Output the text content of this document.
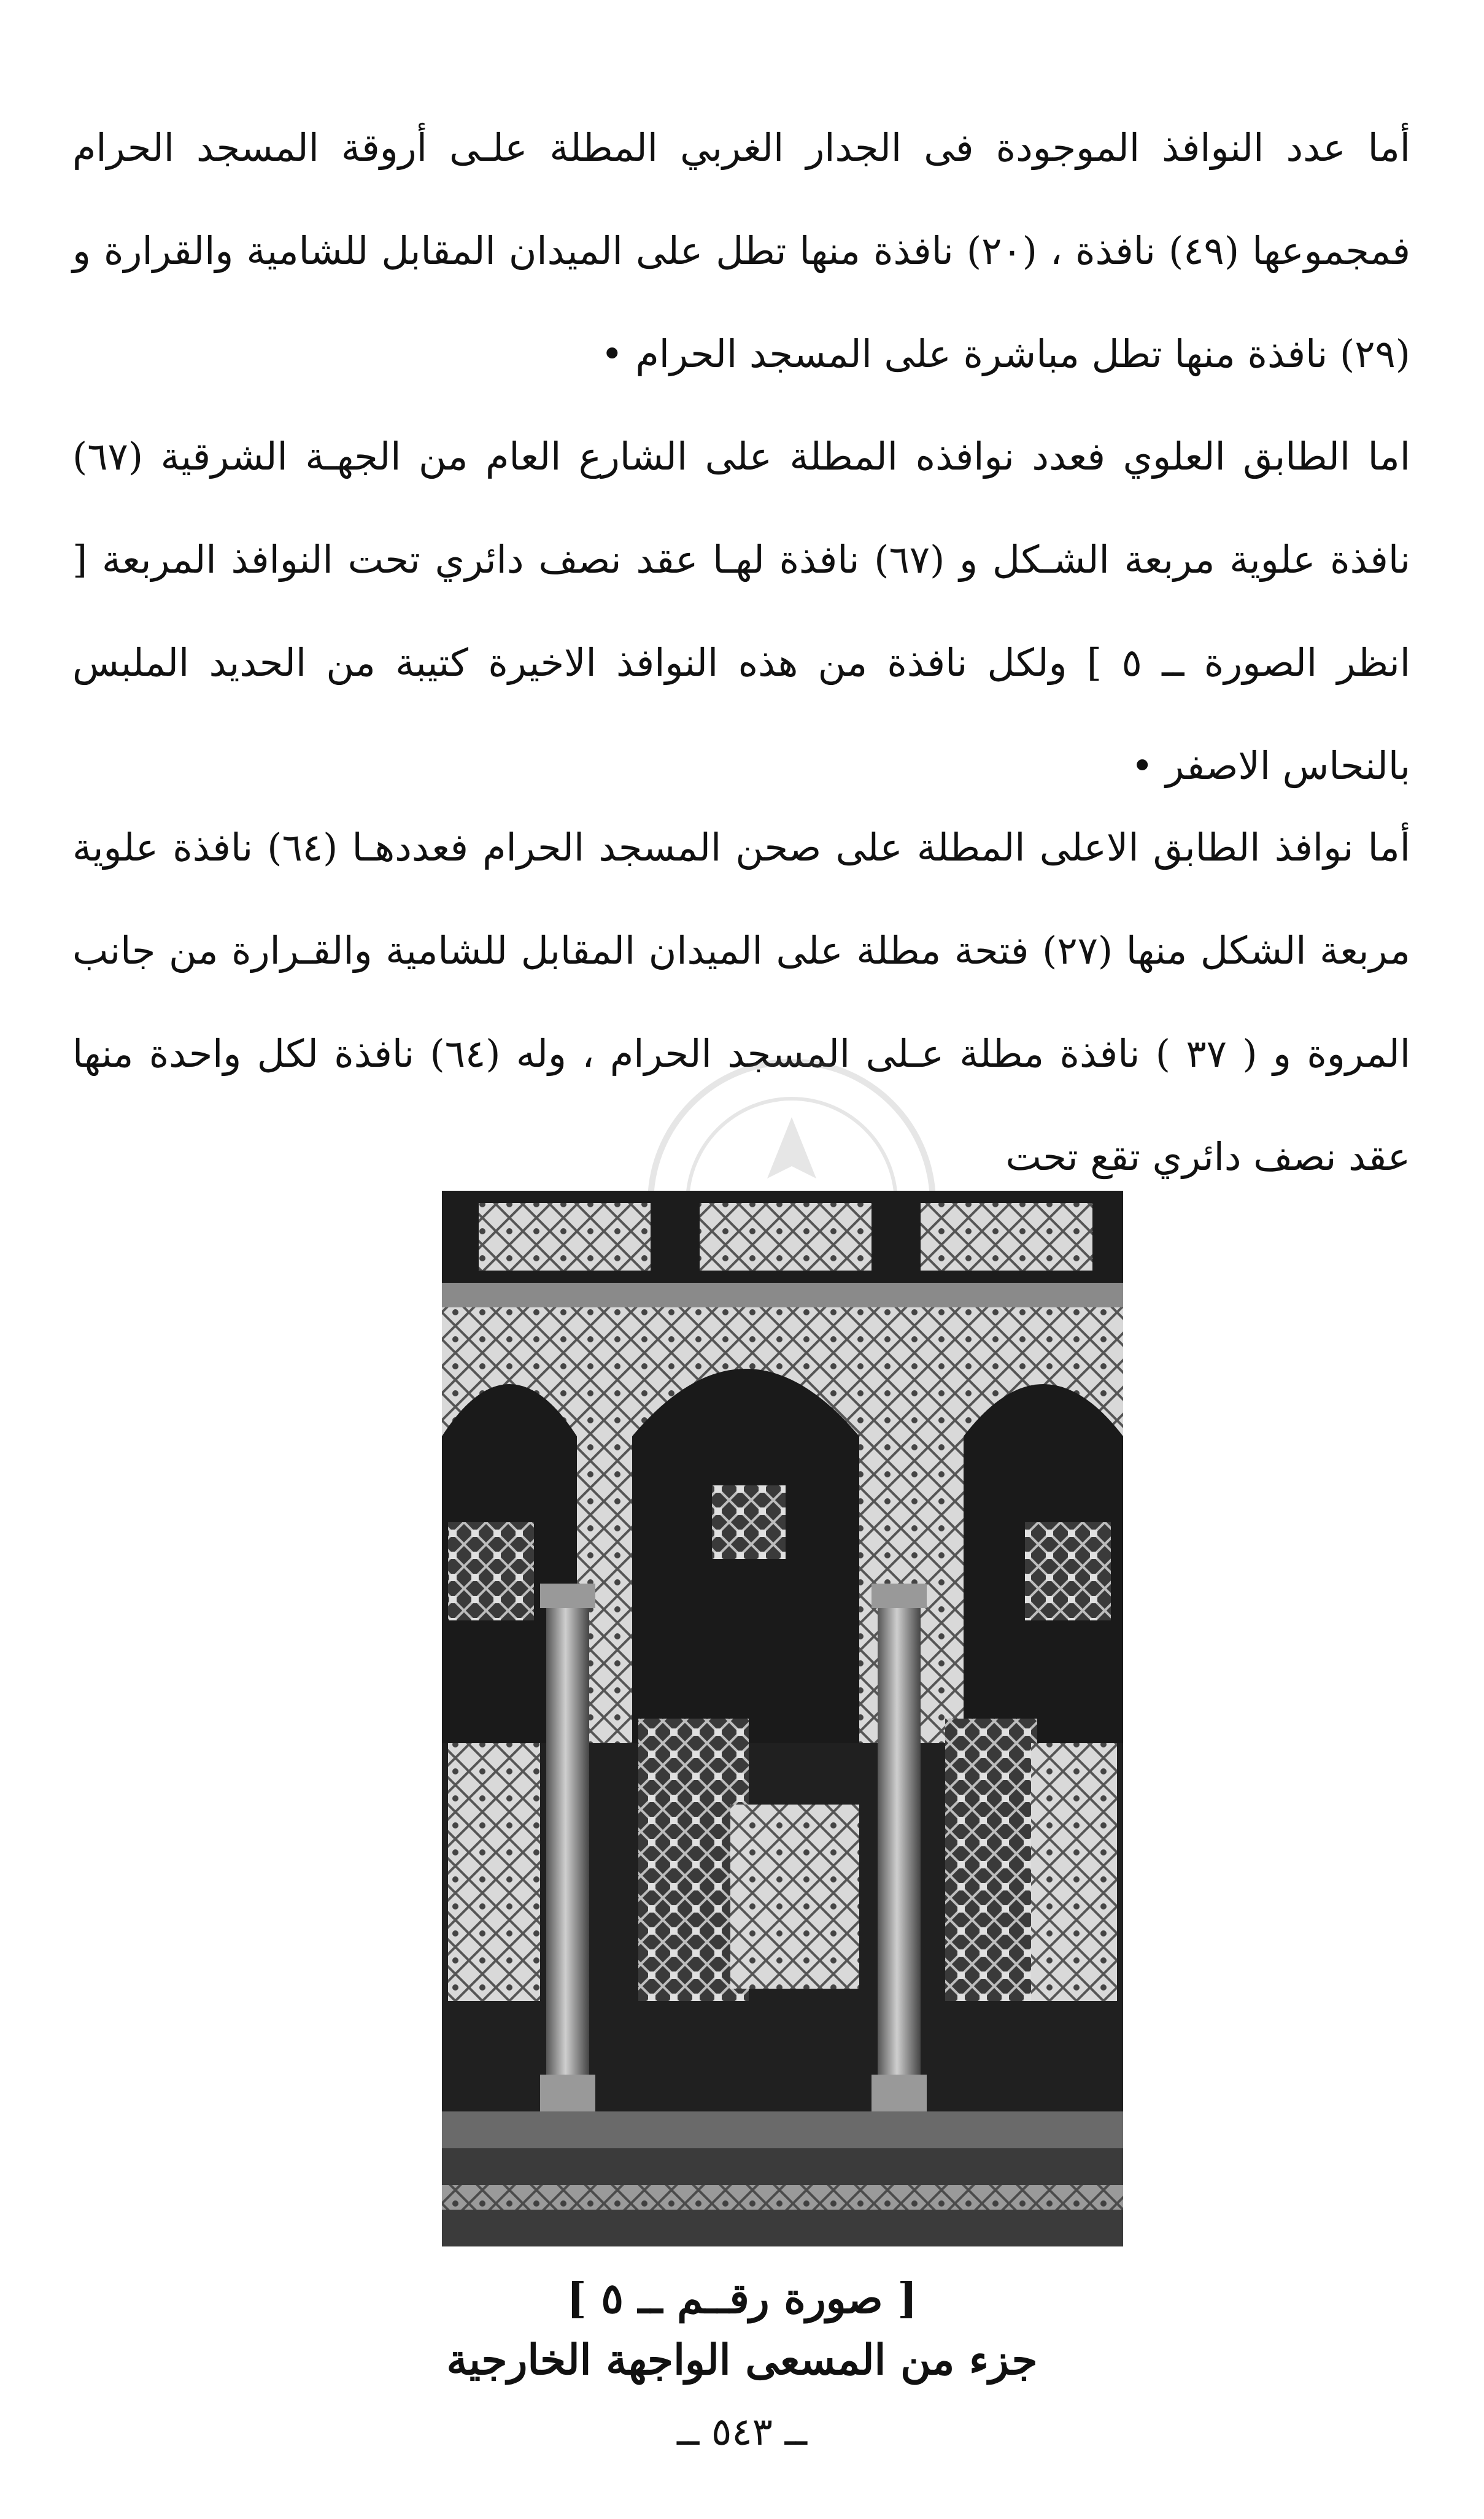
أما عدد النوافذ الموجودة فى الجدار الغربي المطلة علـى أروقة المسجد الحرام فمجموعها (٤٩) نافذة ، (٢٠) نافذة منها تطل على الميدان المقابل للشامية والقرارة و (٢٩) نافذة منها تطل مباشرة على المسجد الحرام •

اما الطابق العلوي فعدد نوافذه المطلة على الشارع العام من الجهـة الشرقية (٦٧) نافذة علوية مربعة الشـكل و (٦٧) نافذة لهـا عقد نصف دائري تحت النوافذ المربعة [ انظر الصورة ــ ٥ ] ولكل نافذة من هذه النوافذ الاخيرة كتيبة من الحديد الملبس بالنحاس الاصفر •

أما نوافذ الطابق الاعلى المطلة على صحن المسجد الحرام فعددهـا (٦٤) نافذة علوية مربعة الشكل منها (٢٧) فتحة مطلة على الميدان المقابل للشامية والقـرارة من جانب المروة و ( ٣٧ ) نافذة مطلة عـلى المسجد الحرام ، وله (٦٤) نافذة لكل واحدة منها عقد نصف دائري تقع تحت

[ صورة رقــم ــ ٥ ]
جزء من المسعى الواجهة الخارجية
ــ ٥٤٣ ــ
